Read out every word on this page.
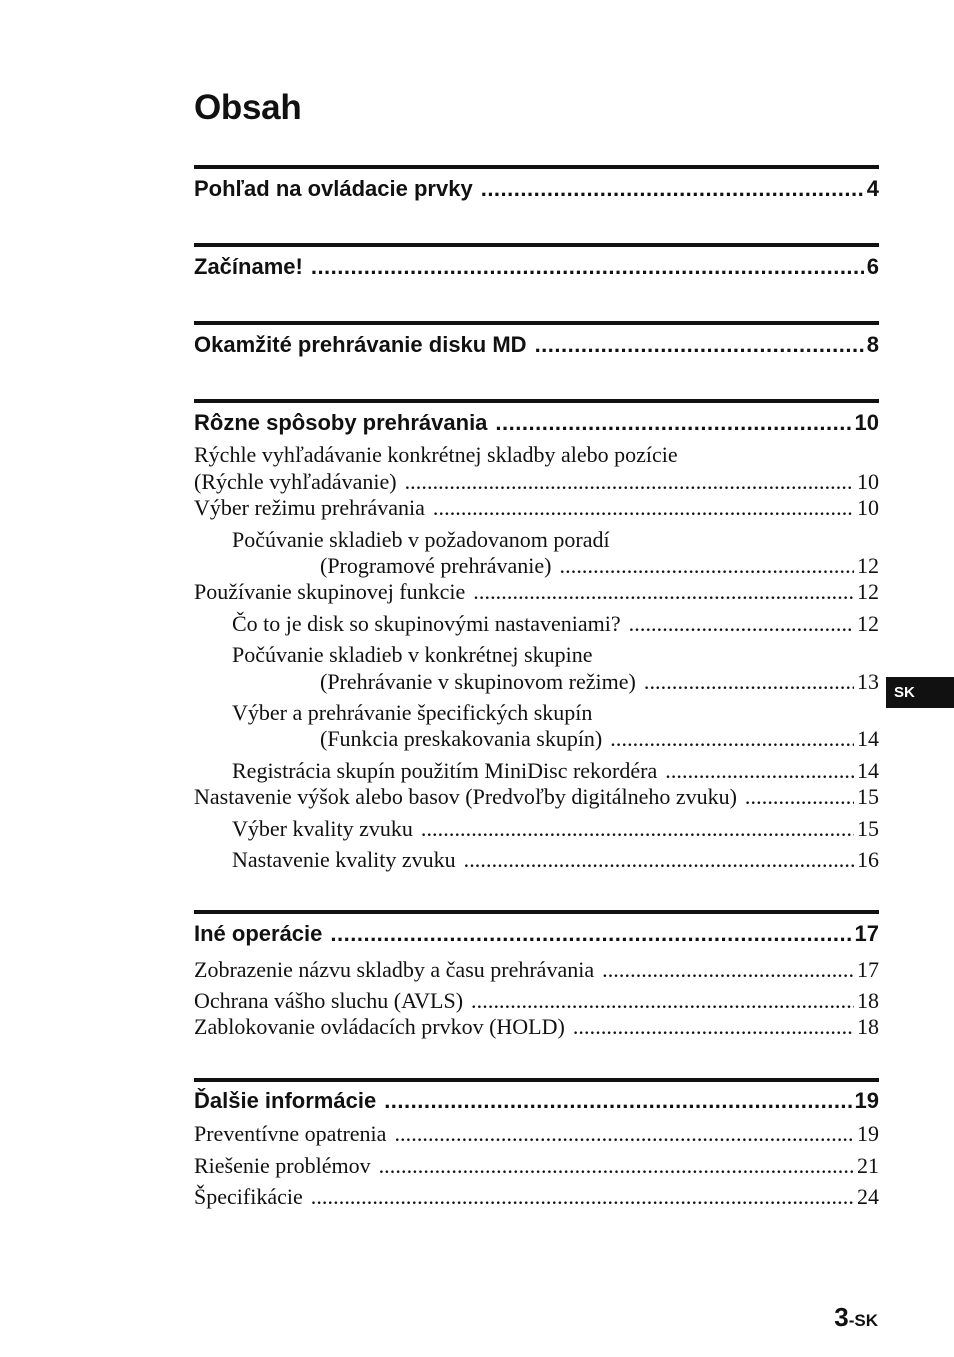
Obsah
Pohľad na ovládacie prvky .....	4
Začíname! .....	6
Okamžité prehrávanie disku MD .....	8
Rôzne spôsoby prehrávania .....	10
Rýchle vyhľadávanie konkrétnej skladby alebo pozície
(Rýchle vyhľadávanie) .....	10
Výber režimu prehrávania .....	10
Počúvanie skladieb v požadovanom poradí
(Programové prehrávanie) .....	12
Používanie skupinovej funkcie .....	12
Čo to je disk so skupinovými nastaveniami? .....	12
Počúvanie skladieb v konkrétnej skupine
(Prehrávanie v skupinovom režime) .....	13
Výber a prehrávanie špecifických skupín
(Funkcia preskakovania skupín) .....	14
Registrácia skupín použitím MiniDisc rekordéra .....	14
Nastavenie výšok alebo basov (Predvoľby digitálneho zvuku) .....	15
Výber kvality zvuku .....	15
Nastavenie kvality zvuku .....	16
Iné operácie .....	17
Zobrazenie názvu skladby a času prehrávania .....	17
Ochrana vášho sluchu (AVLS) .....	18
Zablokovanie ovládacích prvkov (HOLD) .....	18
Ďalšie informácie .....	19
Preventívne opatrenia .....	19
Riešenie problémov .....	21
Špecifikácie .....	24
SK
3-SK
